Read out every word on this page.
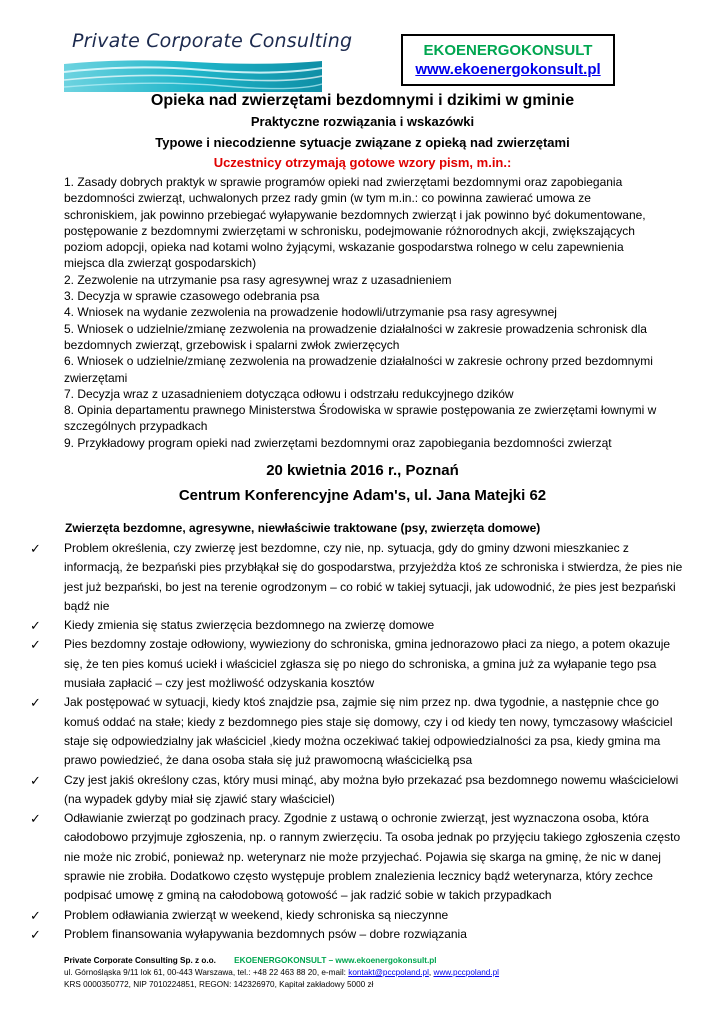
Private Corporate Consulting	EKOENERGOKONSULT
www.ekoenergokonsult.pl
Opieka nad zwierzętami bezdomnymi i dzikimi w gminie
Praktyczne rozwiązania i wskazówki
Typowe i niecodzienne sytuacje związane z opieką nad zwierzętami
Uczestnicy otrzymają gotowe wzory pism, m.in.:
1. Zasady dobrych praktyk w sprawie programów opieki nad zwierzętami bezdomnymi oraz zapobiegania bezdomności zwierząt, uchwalonych przez rady gmin (w tym m.in.: co powinna zawierać umowa ze schroniskiem, jak powinno przebiegać wyłapywanie bezdomnych zwierząt i jak powinno być dokumentowane, postępowanie z bezdomnymi zwierzętami w schronisku, podejmowanie różnorodnych akcji, zwiększających poziom adopcji, opieka nad kotami wolno żyjącymi, wskazanie gospodarstwa rolnego w celu zapewnienia miejsca dla zwierząt gospodarskich)
2. Zezwolenie na utrzymanie psa rasy agresywnej wraz z uzasadnieniem
3. Decyzja w sprawie czasowego odebrania psa
4. Wniosek na wydanie zezwolenia na prowadzenie hodowli/utrzymanie psa rasy agresywnej
5. Wniosek o udzielnie/zmianę zezwolenia na prowadzenie działalności w zakresie prowadzenia schronisk dla bezdomnych zwierząt, grzebowisk i spalarni zwłok zwierzęcych
6. Wniosek o udzielnie/zmianę zezwolenia na prowadzenie działalności w zakresie ochrony przed bezdomnymi zwierzętami
7. Decyzja wraz z uzasadnieniem dotycząca odłowu i odstrzału redukcyjnego dzików
8. Opinia departamentu prawnego Ministerstwa Środowiska w sprawie postępowania ze zwierzętami łownymi w szczególnych przypadkach
9. Przykładowy program opieki nad zwierzętami bezdomnymi oraz zapobiegania bezdomności zwierząt
20 kwietnia 2016 r., Poznań
Centrum Konferencyjne Adam's, ul. Jana Matejki 62
Zwierzęta bezdomne, agresywne, niewłaściwie traktowane (psy, zwierzęta domowe)
✓ Problem określenia, czy zwierzę jest bezdomne, czy nie, np. sytuacja, gdy do gminy dzwoni mieszkaniec z informacją, że bezpański pies przybłąkał się do gospodarstwa, przyjeżdża ktoś ze schroniska i stwierdza, że pies nie jest już bezpański, bo jest na terenie ogrodzonym – co robić w takiej sytuacji, jak udowodnić, że pies jest bezpański bądź nie
✓ Kiedy zmienia się status zwierzęcia bezdomnego na zwierzę domowe
✓ Pies bezdomny zostaje odłowiony, wywieziony do schroniska, gmina jednorazowo płaci za niego, a potem okazuje się, że ten pies komuś uciekł i właściciel zgłasza się po niego do schroniska, a gmina już za wyłapanie tego psa musiała zapłacić – czy jest możliwość odzyskania kosztów
✓ Jak postępować w sytuacji, kiedy ktoś znajdzie psa, zajmie się nim przez np. dwa tygodnie, a następnie chce go komuś oddać na stałe; kiedy z bezdomnego pies staje się domowy, czy i od kiedy ten nowy, tymczasowy właściciel staje się odpowiedzialny jak właściciel ,kiedy można oczekiwać takiej odpowiedzialności za psa, kiedy gmina ma prawo powiedzieć, że dana osoba stała się już prawomocną właścicielką psa
✓ Czy jest jakiś określony czas, który musi minąć, aby można było przekazać psa bezdomnego nowemu właścicielowi (na wypadek gdyby miał się zjawić stary właściciel)
✓ Odławianie zwierząt po godzinach pracy. Zgodnie z ustawą o ochronie zwierząt, jest wyznaczona osoba, która całodobowo przyjmuje zgłoszenia, np. o rannym zwierzęciu. Ta osoba jednak po przyjęciu takiego zgłoszenia często nie może nic zrobić, ponieważ np. weterynarz nie może przyjechać. Pojawia się skarga na gminę, że nic w danej sprawie nie zrobiła. Dodatkowo często występuje problem znalezienia lecznicy bądź weterynarza, który zechce podpisać umowę z gminą na całodobową gotowość – jak radzić sobie w takich przypadkach
✓ Problem odławiania zwierząt w weekend, kiedy schroniska są nieczynne
✓ Problem finansowania wyłapywania bezdomnych psów – dobre rozwiązania
Private Corporate Consulting Sp. z o.o. EKOENERGOKONSULT – www.ekoenergokonsult.pl
ul. Górnośląska 9/11 lok 61, 00-443 Warszawa, tel.: +48 22 463 88 20, e-mail: kontakt@pccpoland.pl, www.pccpoland.pl
KRS 0000350772, NIP 7010224851, REGON: 142326970, Kapitał zakładowy 5000 zł
